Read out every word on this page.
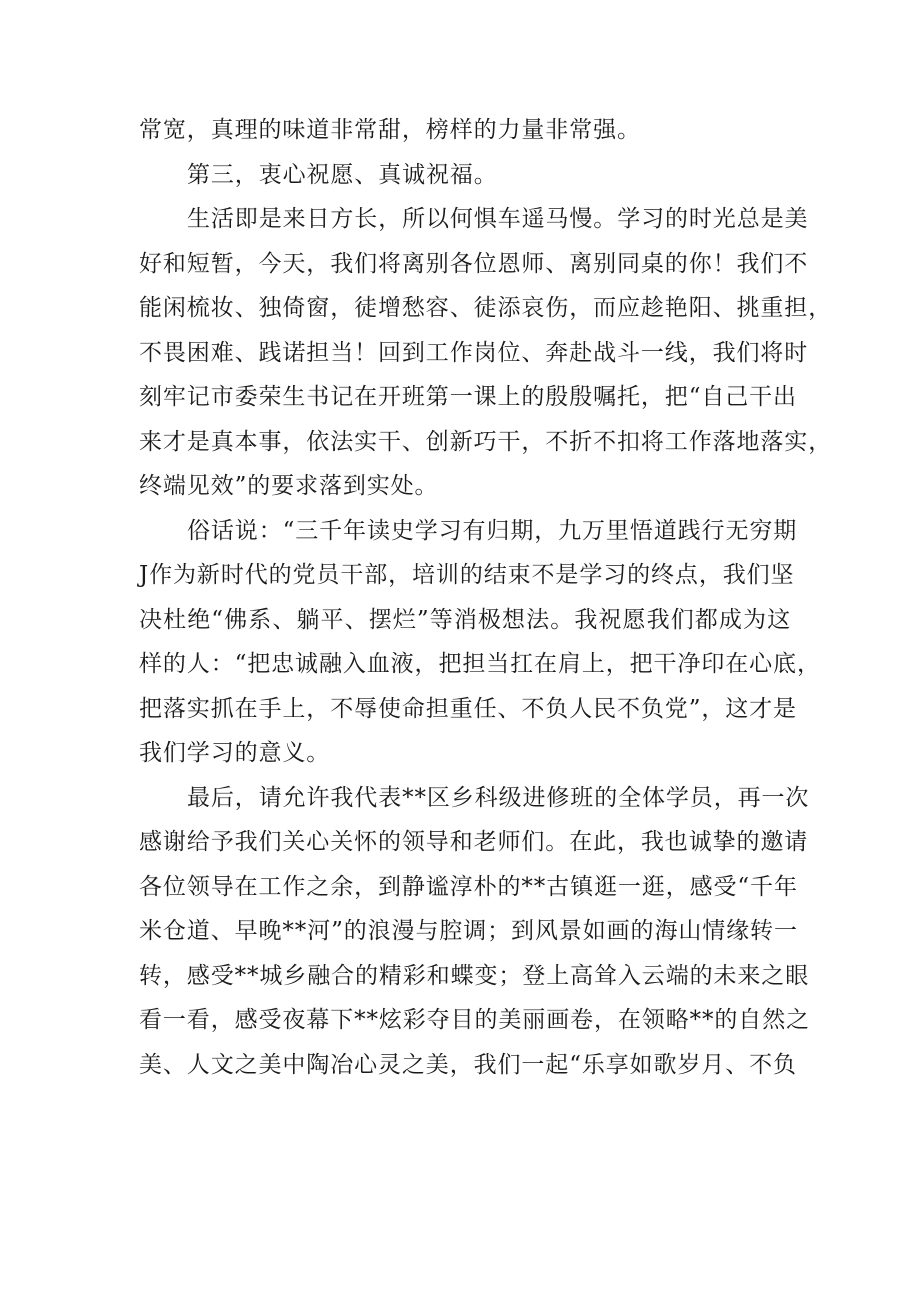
常宽，真理的味道非常甜，榜样的力量非常强。
第三，衷心祝愿、真诚祝福。
生活即是来日方长，所以何惧车遥马慢。学习的时光总是美
好和短暂，今天，我们将离别各位恩师、离别同桌的你！我们不
能闲梳妆、独倚窗，徒增愁容、徒添哀伤，而应趁艳阳、挑重担，
不畏困难、践诺担当！回到工作岗位、奔赴战斗一线，我们将时
刻牢记市委荣生书记在开班第一课上的殷殷嘱托，把“自己干出
来才是真本事，依法实干、创新巧干，不折不扣将工作落地落实，
终端见效”的要求落到实处。
俗话说：“三千年读史学习有归期，九万里悟道践行无穷期
J作为新时代的党员干部，培训的结束不是学习的终点，我们坚
决杜绝“佛系、躺平、摆烂”等消极想法。我祝愿我们都成为这
样的人：“把忠诚融入血液，把担当扛在肩上，把干净印在心底，
把落实抓在手上，不辱使命担重任、不负人民不负党”，这才是
我们学习的意义。
最后，请允许我代表**区乡科级进修班的全体学员，再一次
感谢给予我们关心关怀的领导和老师们。在此，我也诚挚的邀请
各位领导在工作之余，到静谧淳朴的**古镇逛一逛，感受“千年
米仓道、早晚**河”的浪漫与腔调；到风景如画的海山情缘转一
转，感受**城乡融合的精彩和蝶变；登上高耸入云端的未来之眼
看一看，感受夜幕下**炫彩夺目的美丽画卷，在领略**的自然之
美、人文之美中陶冶心灵之美，我们一起“乐享如歌岁月、不负
